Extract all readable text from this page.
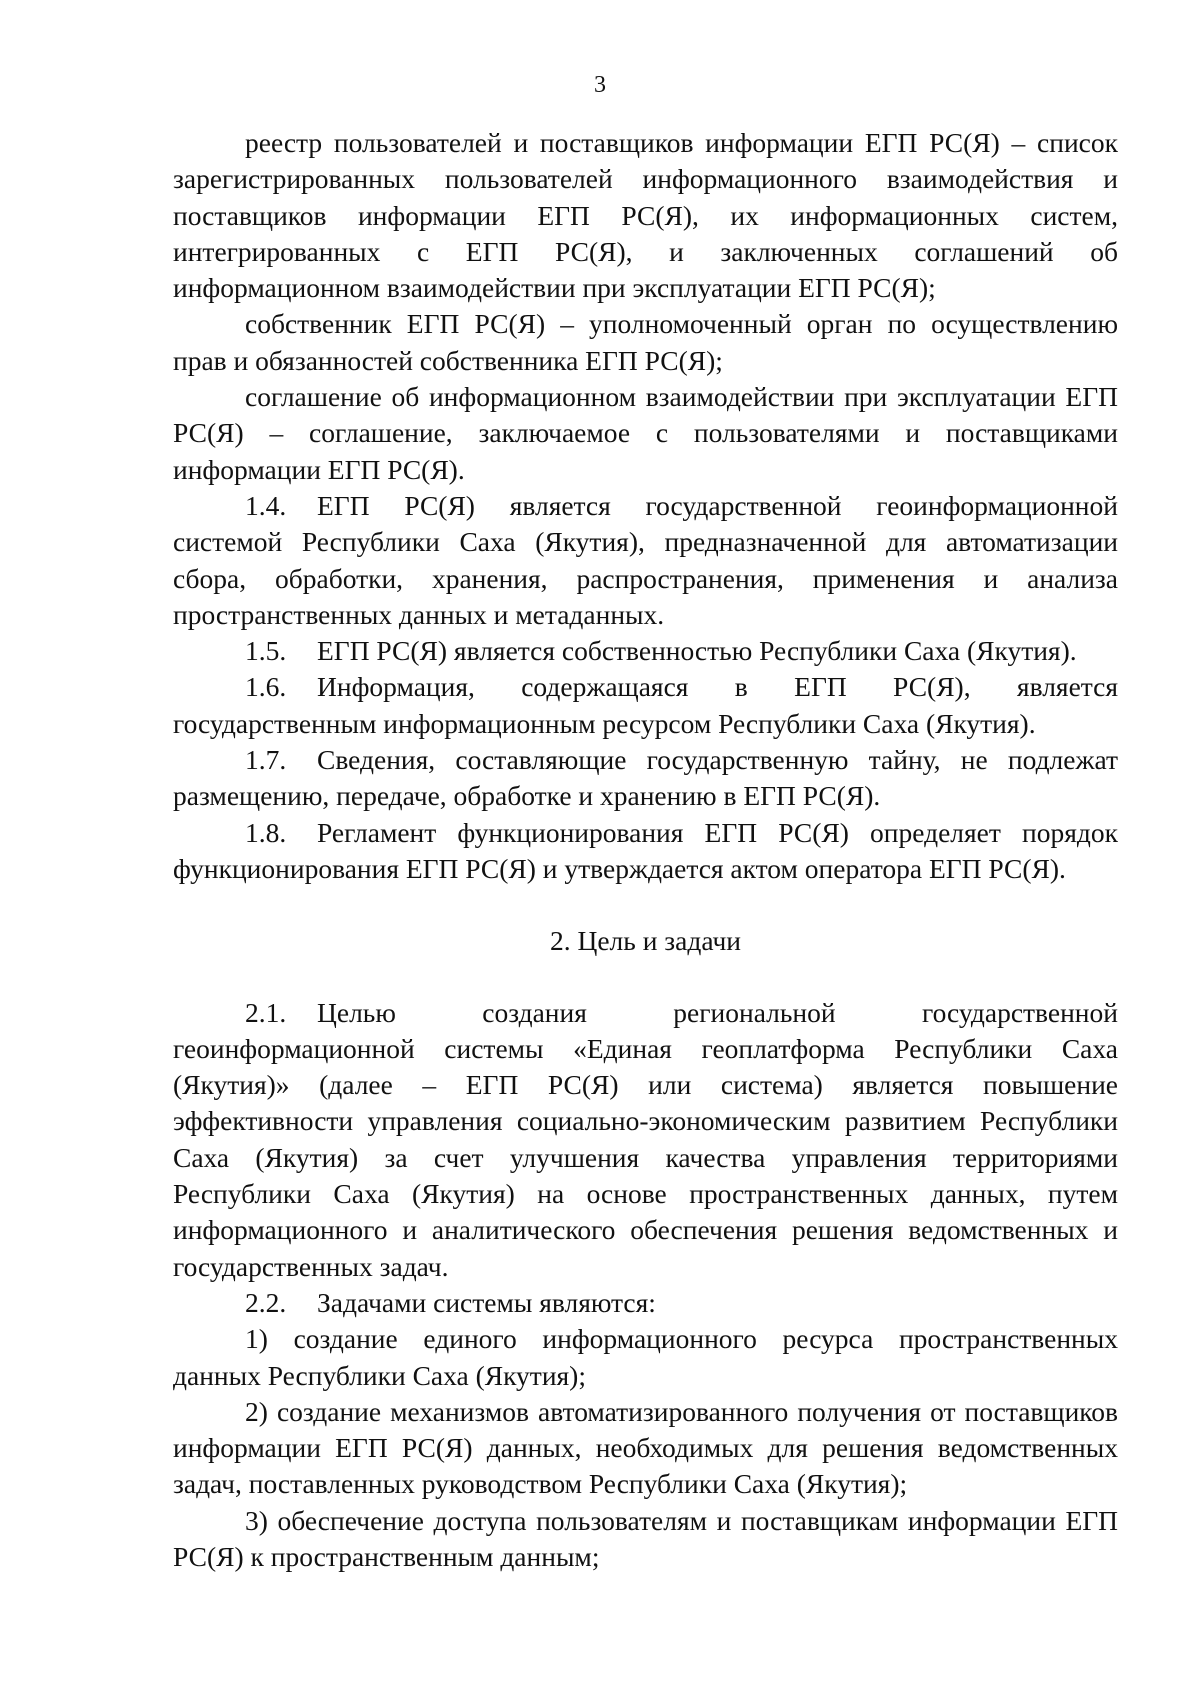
3

реестр пользователей и поставщиков информации ЕГП РС(Я) – список зарегистрированных пользователей информационного взаимодействия и поставщиков информации ЕГП РС(Я), их информационных систем, интегрированных с ЕГП РС(Я), и заключенных соглашений об информационном взаимодействии при эксплуатации ЕГП РС(Я);

собственник ЕГП РС(Я) – уполномоченный орган по осуществлению прав и обязанностей собственника ЕГП РС(Я);

соглашение об информационном взаимодействии при эксплуатации ЕГП РС(Я) – соглашение, заключаемое с пользователями и поставщиками информации ЕГП РС(Я).

1.4. ЕГП РС(Я) является государственной геоинформационной системой Республики Саха (Якутия), предназначенной для автоматизации сбора, обработки, хранения, распространения, применения и анализа пространственных данных и метаданных.

1.5. ЕГП РС(Я) является собственностью Республики Саха (Якутия).

1.6. Информация, содержащаяся в ЕГП РС(Я), является государственным информационным ресурсом Республики Саха (Якутия).

1.7. Сведения, составляющие государственную тайну, не подлежат размещению, передаче, обработке и хранению в ЕГП РС(Я).

1.8. Регламент функционирования ЕГП РС(Я) определяет порядок функционирования ЕГП РС(Я) и утверждается актом оператора ЕГП РС(Я).

2. Цель и задачи

2.1. Целью создания региональной государственной геоинформационной системы «Единая геоплатформа Республики Саха (Якутия)» (далее – ЕГП РС(Я) или система) является повышение эффективности управления социально-экономическим развитием Республики Саха (Якутия) за счет улучшения качества управления территориями Республики Саха (Якутия) на основе пространственных данных, путем информационного и аналитического обеспечения решения ведомственных и государственных задач.

2.2. Задачами системы являются:

1) создание единого информационного ресурса пространственных данных Республики Саха (Якутия);

2) создание механизмов автоматизированного получения от поставщиков информации ЕГП РС(Я) данных, необходимых для решения ведомственных задач, поставленных руководством Республики Саха (Якутия);

3) обеспечение доступа пользователям и поставщикам информации ЕГП РС(Я) к пространственным данным;
